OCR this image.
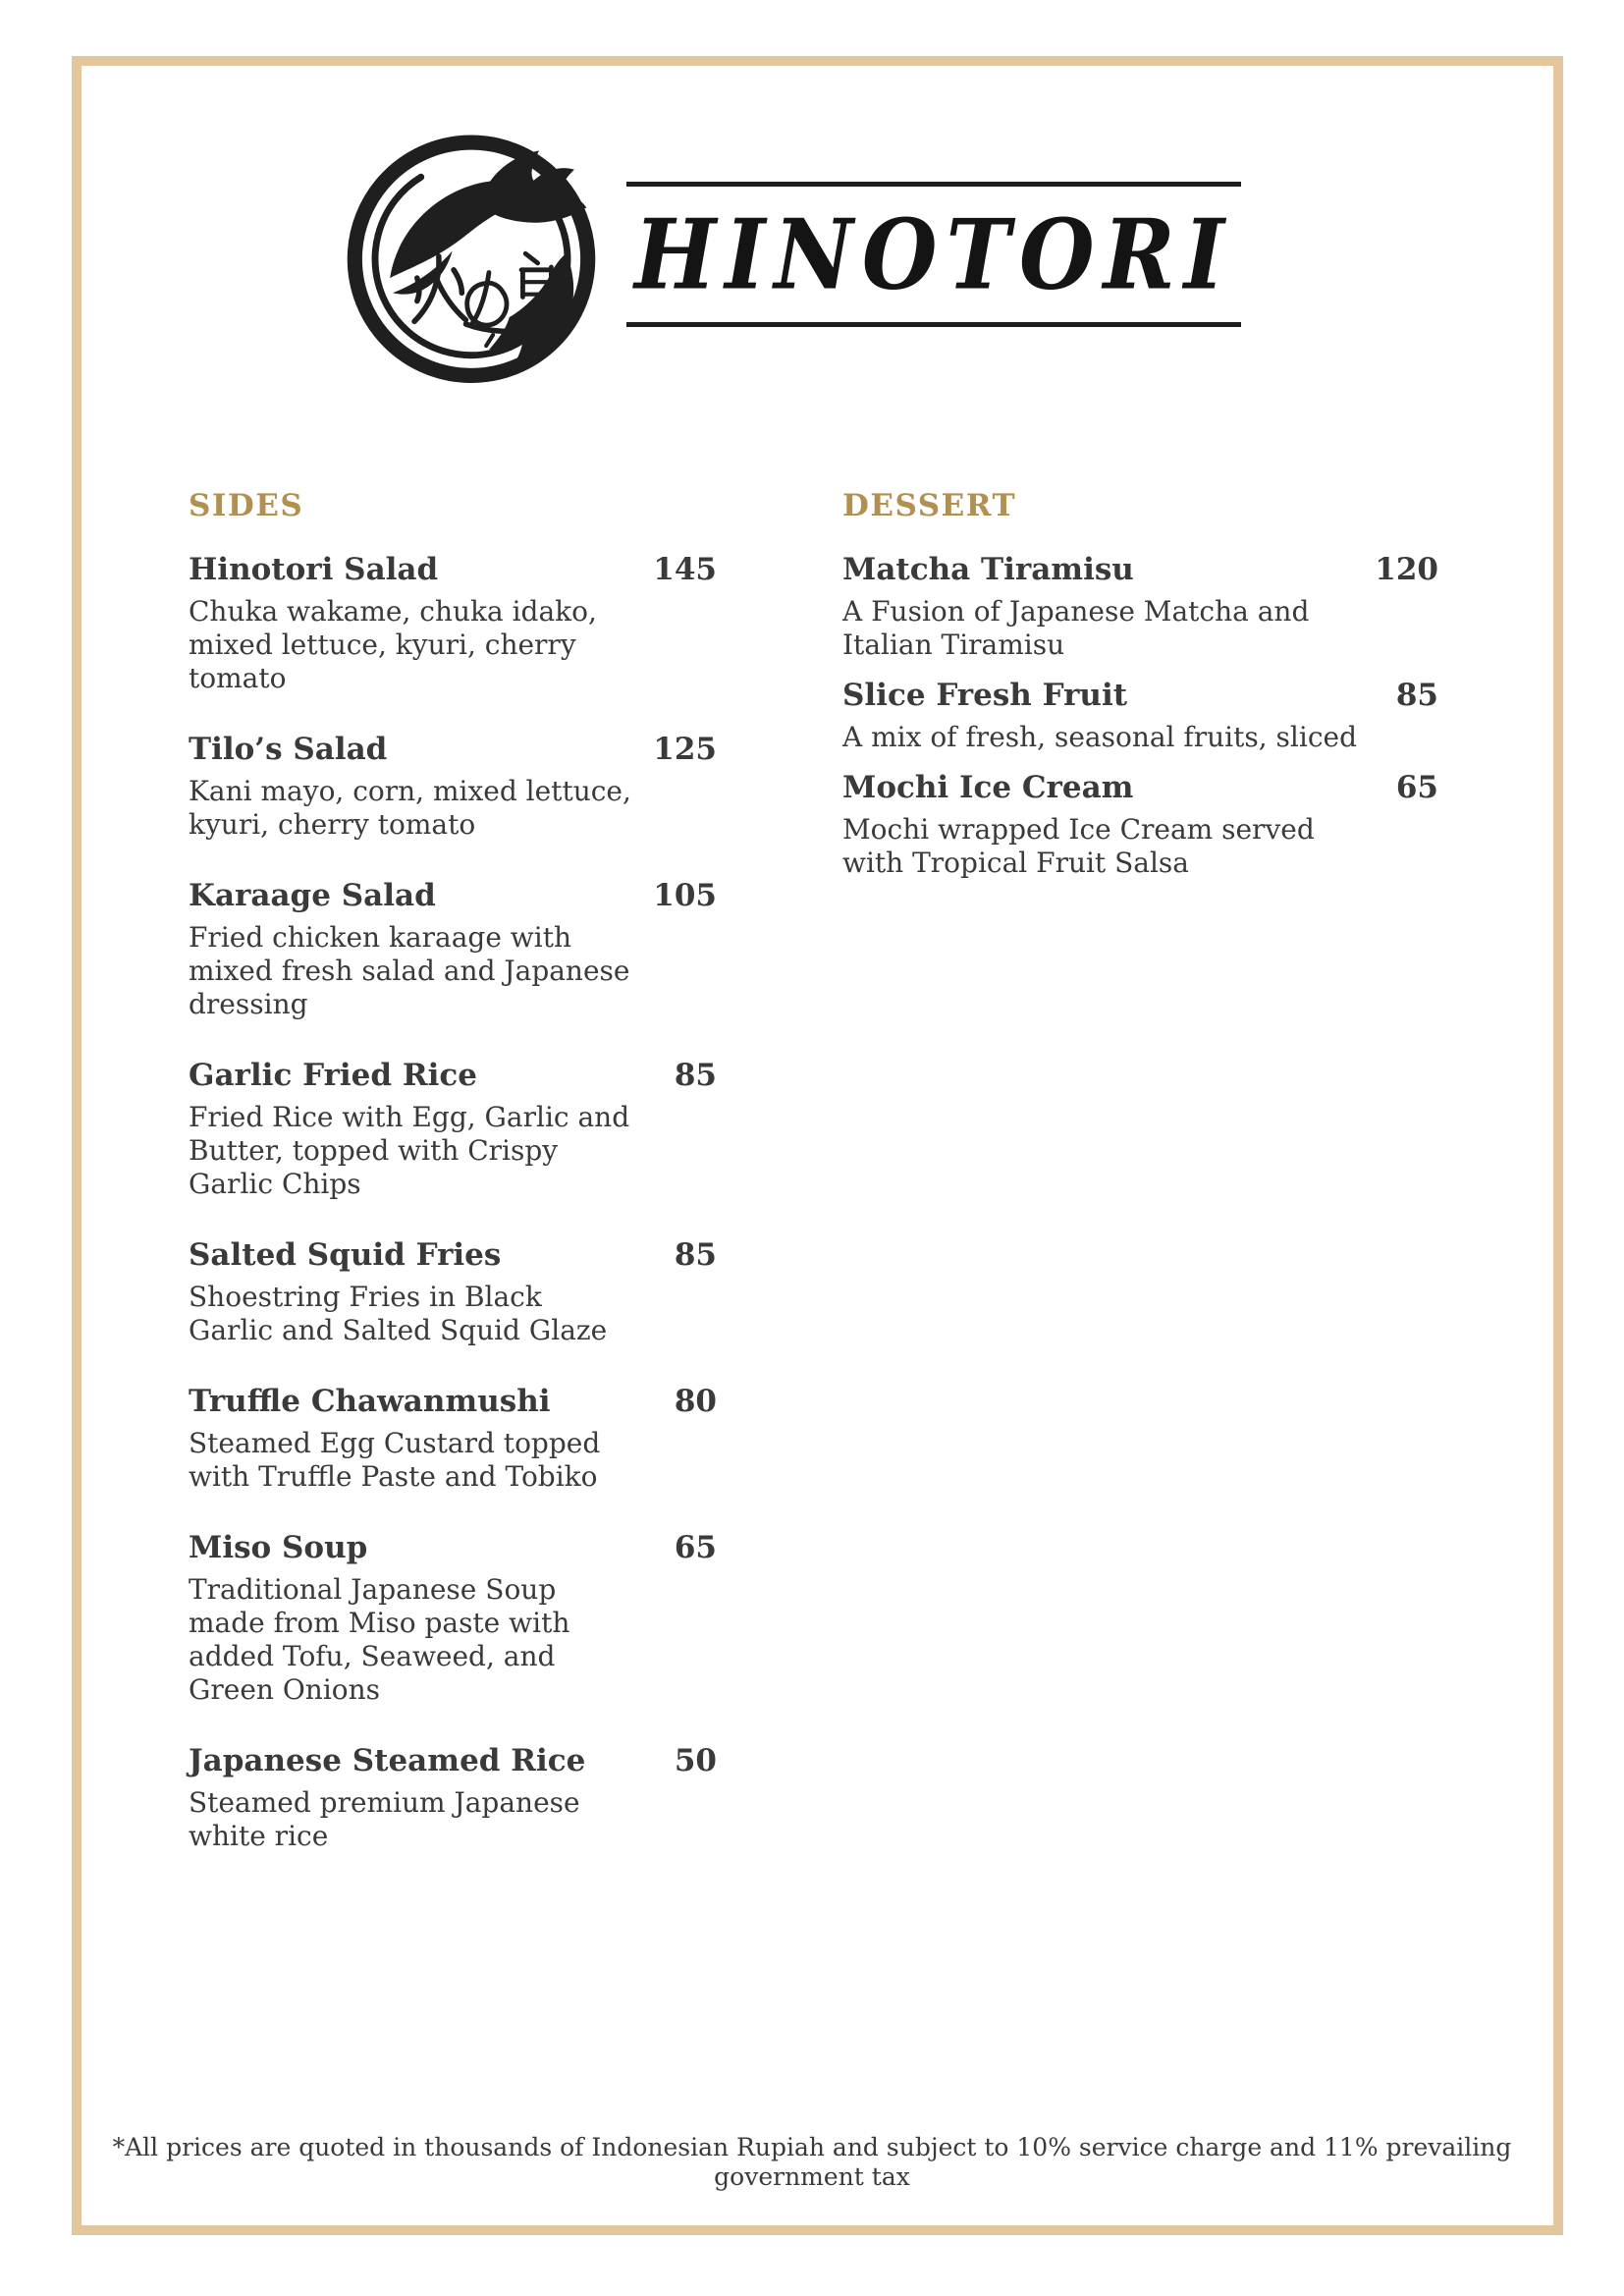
HINOTORI
SIDES
Hinotori Salad	145

Chuka wakame, chuka idako, mixed lettuce, kyuri, cherry tomato

Tilo’s Salad	125

Kani mayo, corn, mixed lettuce, kyuri, cherry tomato

Karaage Salad	105

Fried chicken karaage with mixed fresh salad and Japanese dressing

Garlic Fried Rice	85

Fried Rice with Egg, Garlic and Butter, topped with Crispy Garlic Chips

Salted Squid Fries	85

Shoestring Fries in Black Garlic and Salted Squid Glaze

Truffle Chawanmushi	80

Steamed Egg Custard topped with Truffle Paste and Tobiko

Miso Soup	65

Traditional Japanese Soup made from Miso paste with added Tofu, Seaweed, and Green Onions

Japanese Steamed Rice	50

Steamed premium Japanese white rice

DESSERT
Matcha Tiramisu	120

A Fusion of Japanese Matcha and Italian Tiramisu

Slice Fresh Fruit	85

A mix of fresh, seasonal fruits, sliced

Mochi Ice Cream	65

Mochi wrapped Ice Cream served with Tropical Fruit Salsa

*All prices are quoted in thousands of Indonesian Rupiah and subject to 10% service charge and 11% prevailing government tax
